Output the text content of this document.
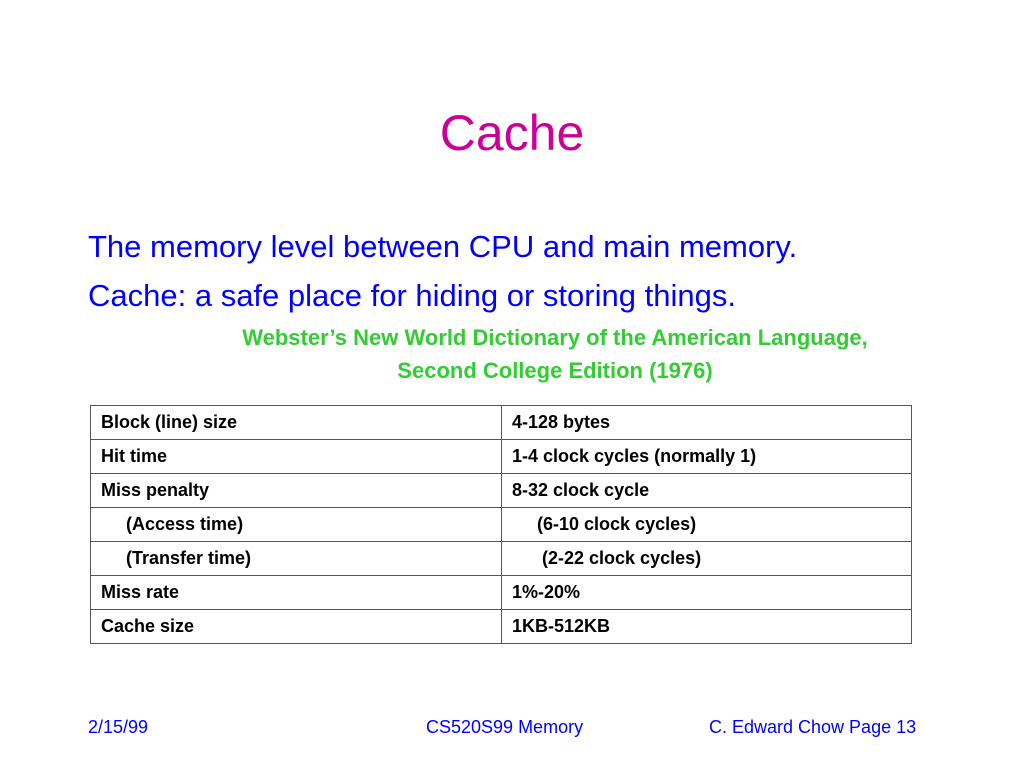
Cache
The memory level between CPU and main memory.
Cache: a safe place for hiding or storing things.
Webster’s New World Dictionary of the American Language,
Second College Edition (1976)
Block (line) size	4-128 bytes
Hit time	1-4 clock cycles (normally 1)
Miss penalty	8-32 clock cycle
(Access time)	(6-10 clock cycles)
(Transfer time)	(2-22 clock cycles)
Miss rate	1%-20%
Cache size	1KB-512KB
2/15/99	CS520S99 Memory	C. Edward Chow Page 13
